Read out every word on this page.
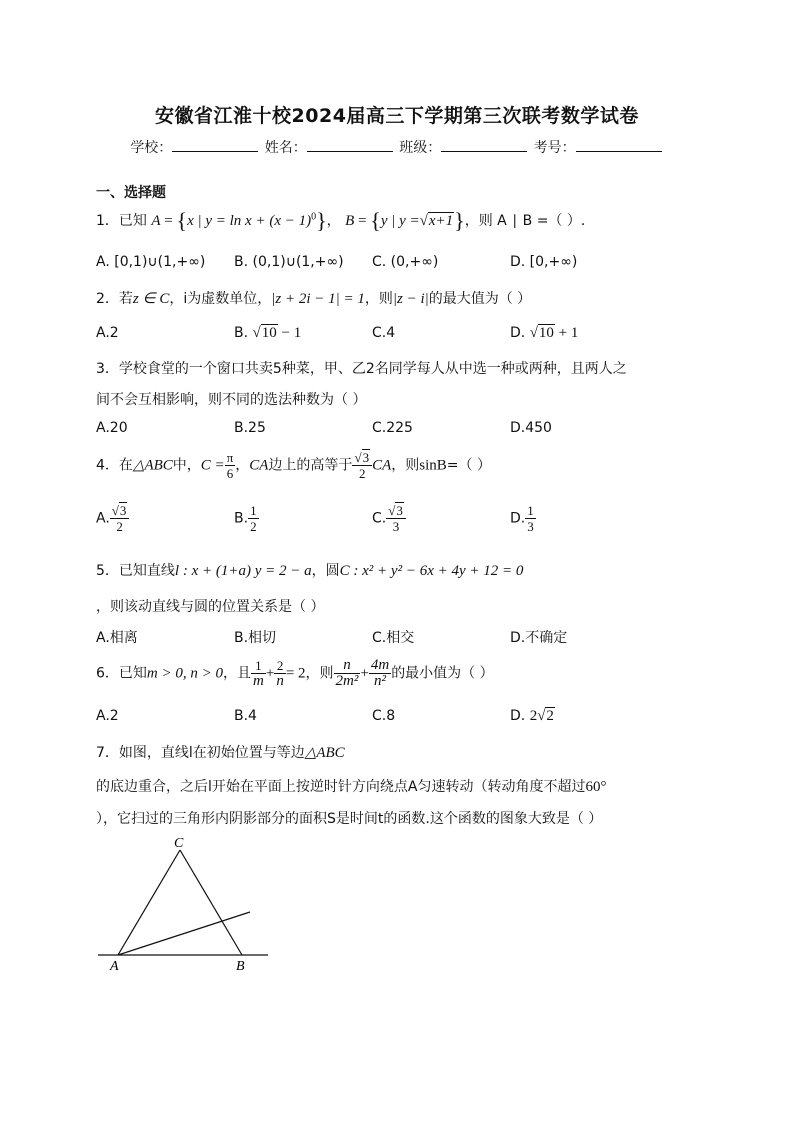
安徽省江淮十校2024届高三下学期第三次联考数学试卷
学校：	姓名：	班级：	考号：
一、选择题
1．已知 A = {x | $y = \ln x + (x - 1)^0$}， B = {y | y =√x+1}，则 A ∣ B =（ ）.
A. [0,1)∪(1,+∞) B. (0,1)∪(1,+∞) C. (0,+∞)	D. [0,+∞)
2．若z ∈ C，i为虚数单位，|z + 2i − 1| = 1，则|z − i|的最大值为（ ）
A.2	B. √10 − 1	C.4	D. √10 + 1
3．学校食堂的一个窗口共卖5种菜，甲、乙2名同学每人从中选一种或两种，且两人之
间不会互相影响，则不同的选法种数为（ ）
A.20	B.25	C.225	D.450
4．在△ABC中，$C = \frac{\pi}{6}$ ，CA边上的高等于 $\frac{√3}{2}$ CA，则sinB=（ ）
A. $\frac{√3}{2}$	B. $\frac{1}{2}$	C. $\frac{√3}{3}$	D. $\frac{1}{3}$
5．已知直线l : x + (1+a) y = 2 − a，圆C : x² + y² − 6x + 4y + 12 = 0
，则该动直线与圆的位置关系是（ ）
A.相离	B.相切	C.相交	D.不确定
6．已知m > 0, n > 0，且 $\frac{1}{m} + \frac{2}{n} = 2$，则 $\frac{n}{\text{2m²}} + \frac{4m}{\text{n²}}$ 的最小值为（ ）
A.2	B.4	C.8	D. 2√2
7．如图，直线l在初始位置与等边△ABC
的底边重合，之后l开始在平面上按逆时针方向绕点A匀速转动（转动角度不超过60°
），它扫过的三角形内阴影部分的面积S是时间t的函数.这个函数的图象大致是（ ）
C
A	B
